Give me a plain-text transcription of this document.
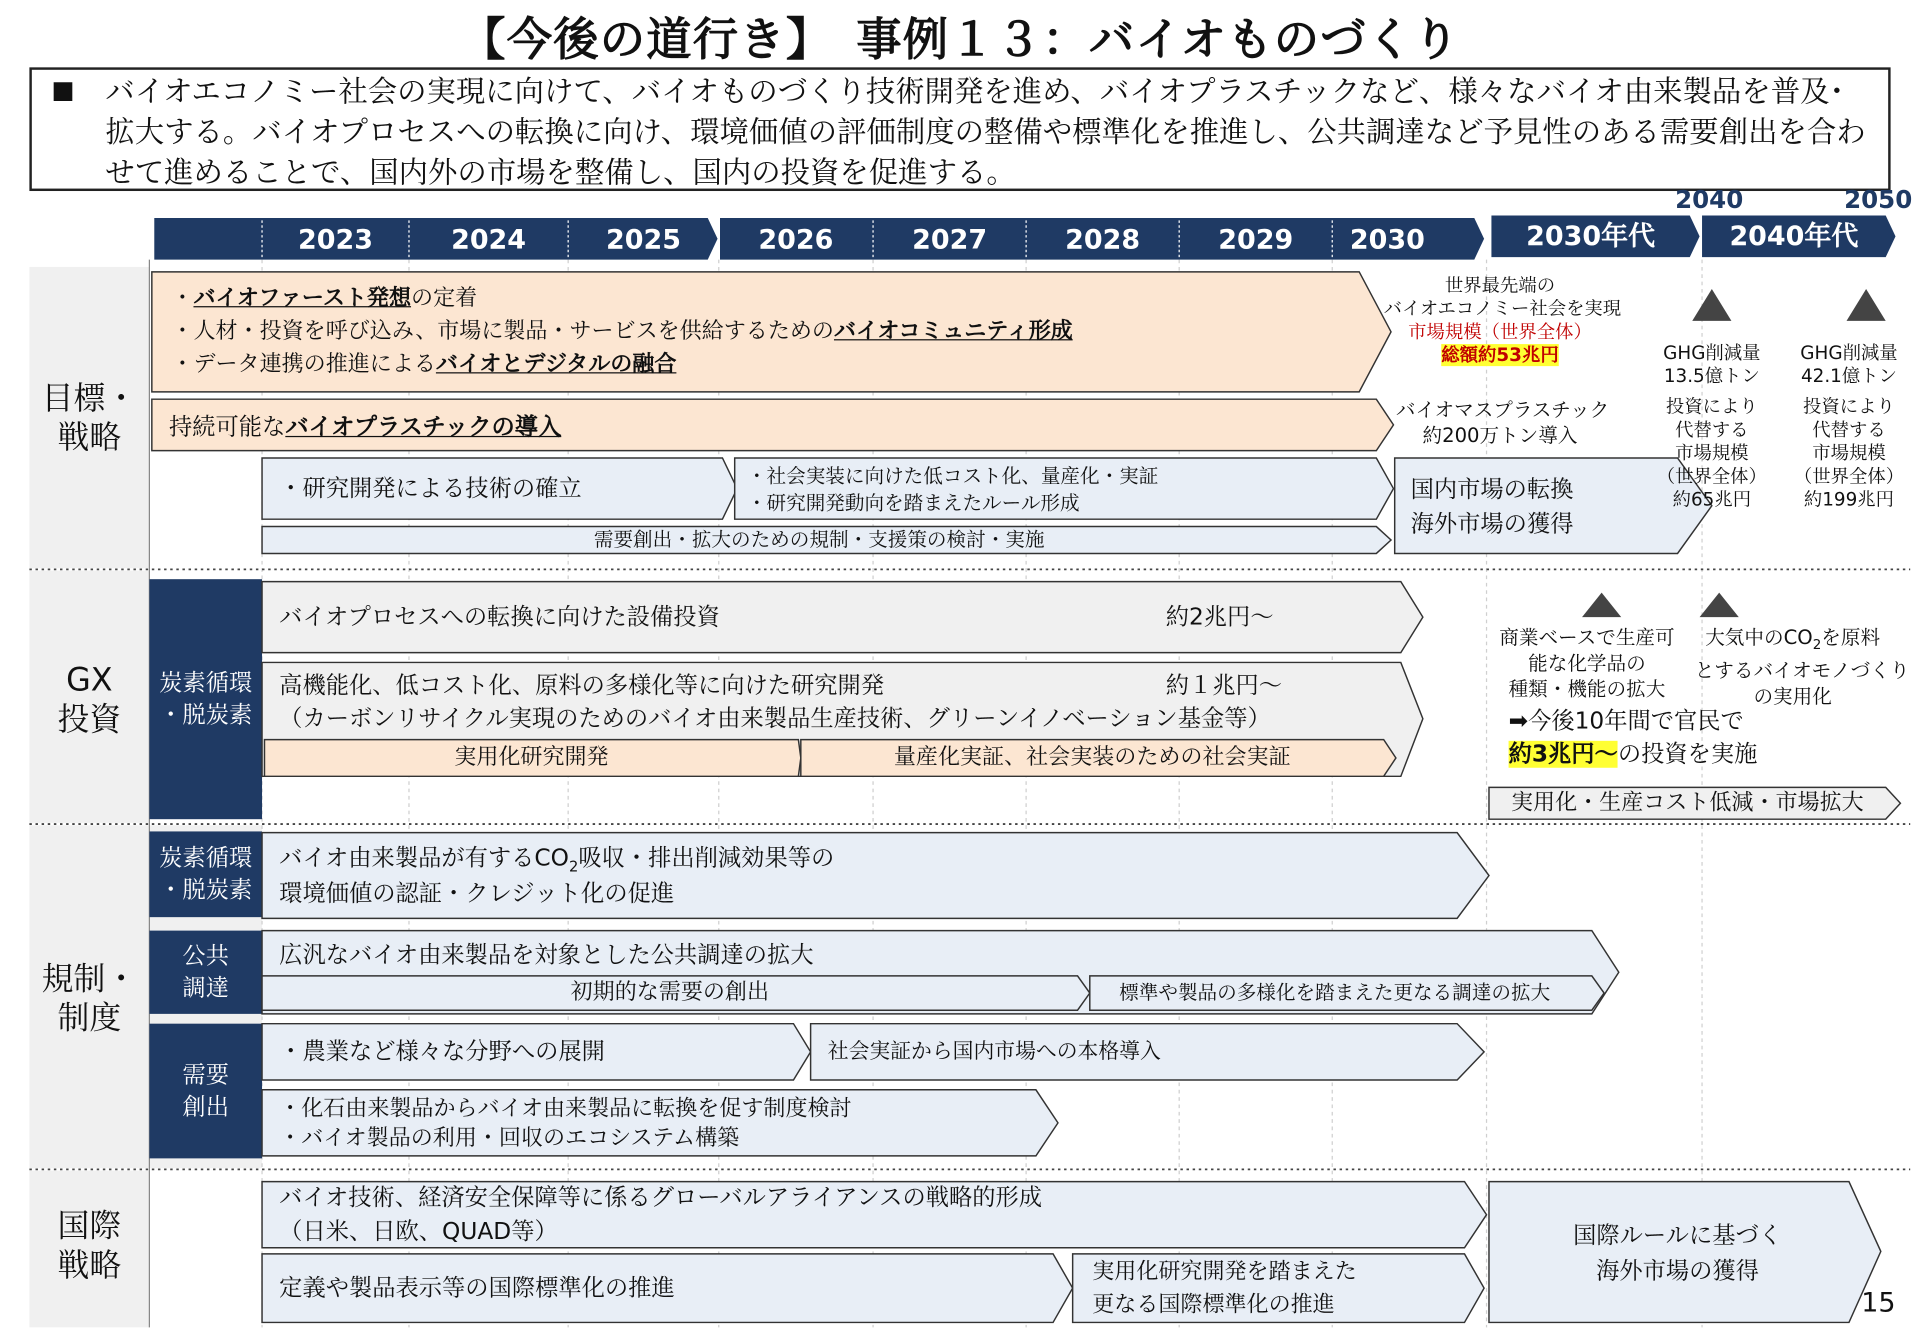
【今後の道行き】　事例１３：バイオものづくり
■ バイオエコノミー社会の実現に向けて、バイオものづくり技術開発を進め、バイオプラスチックなど、様々なバイオ由来製品を普及･拡大する。バイオプロセスへの転換に向け、環境価値の評価制度の整備や標準化を推進し、公共調達など予見性のある需要創出を合わせて進めることで、国内外の市場を整備し、国内の投資を促進する。
2023	2024	2025	2026	2027	2028	2029	2030	2030年代	2040年代
2040	2050
目標・
戦略
・バイオファースト発想の定着
・人材・投資を呼び込み、市場に製品・サービスを供給するためのバイオコミュニティ形成
・データ連携の推進によるバイオとデジタルの融合
持続可能なバイオプラスチックの導入
・研究開発による技術の確立	・社会実装に向けた低コスト化、量産化・実証
・研究開発動向を踏まえたルール形成
需要創出・拡大のための規制・支援策の検討・実施
国内市場の転換
海外市場の獲得
世界最先端の
バイオエコノミー社会を実現
市場規模（世界全体）
総額約53兆円
バイオマスプラスチック
約200万トン導入
GHG削減量
13.5億トン
投資により
代替する
市場規模
（世界全体）
約65兆円
GHG削減量
42.1億トン
投資により
代替する
市場規模
（世界全体）
約199兆円
GX
投資
炭素循環
・脱炭素
バイオプロセスへの転換に向けた設備投資	約2兆円～
高機能化、低コスト化、原料の多様化等に向けた研究開発	約１兆円～
（カーボンリサイクル実現のためのバイオ由来製品生産技術、グリーンイノベーション基金等）
実用化研究開発	量産化実証、社会実装のための社会実証
商業ベースで生産可
能な化学品の
種類・機能の拡大
大気中の$CO_2$を原料
とするバイオモノづくり
の実用化
➡今後10年間で官民で
約3兆円～の投資を実施
実用化・生産コスト低減・市場拡大
規制・
制度
炭素循環
・脱炭素
公共
調達
需要
創出
バイオ由来製品が有する$CO_2$吸収・排出削減効果等の
環境価値の認証・クレジット化の促進
広汎なバイオ由来製品を対象とした公共調達の拡大
初期的な需要の創出	標準や製品の多様化を踏まえた更なる調達の拡大
・農業など様々な分野への展開	社会実証から国内市場への本格導入
・化石由来製品からバイオ由来製品に転換を促す制度検討
・バイオ製品の利用・回収のエコシステム構築
国際
戦略
バイオ技術、経済安全保障等に係るグローバルアライアンスの戦略的形成
（日米、日欧、QUAD等）
定義や製品表示等の国際標準化の推進
実用化研究開発を踏まえた
更なる国際標準化の推進
国際ルールに基づく
海外市場の獲得
15
